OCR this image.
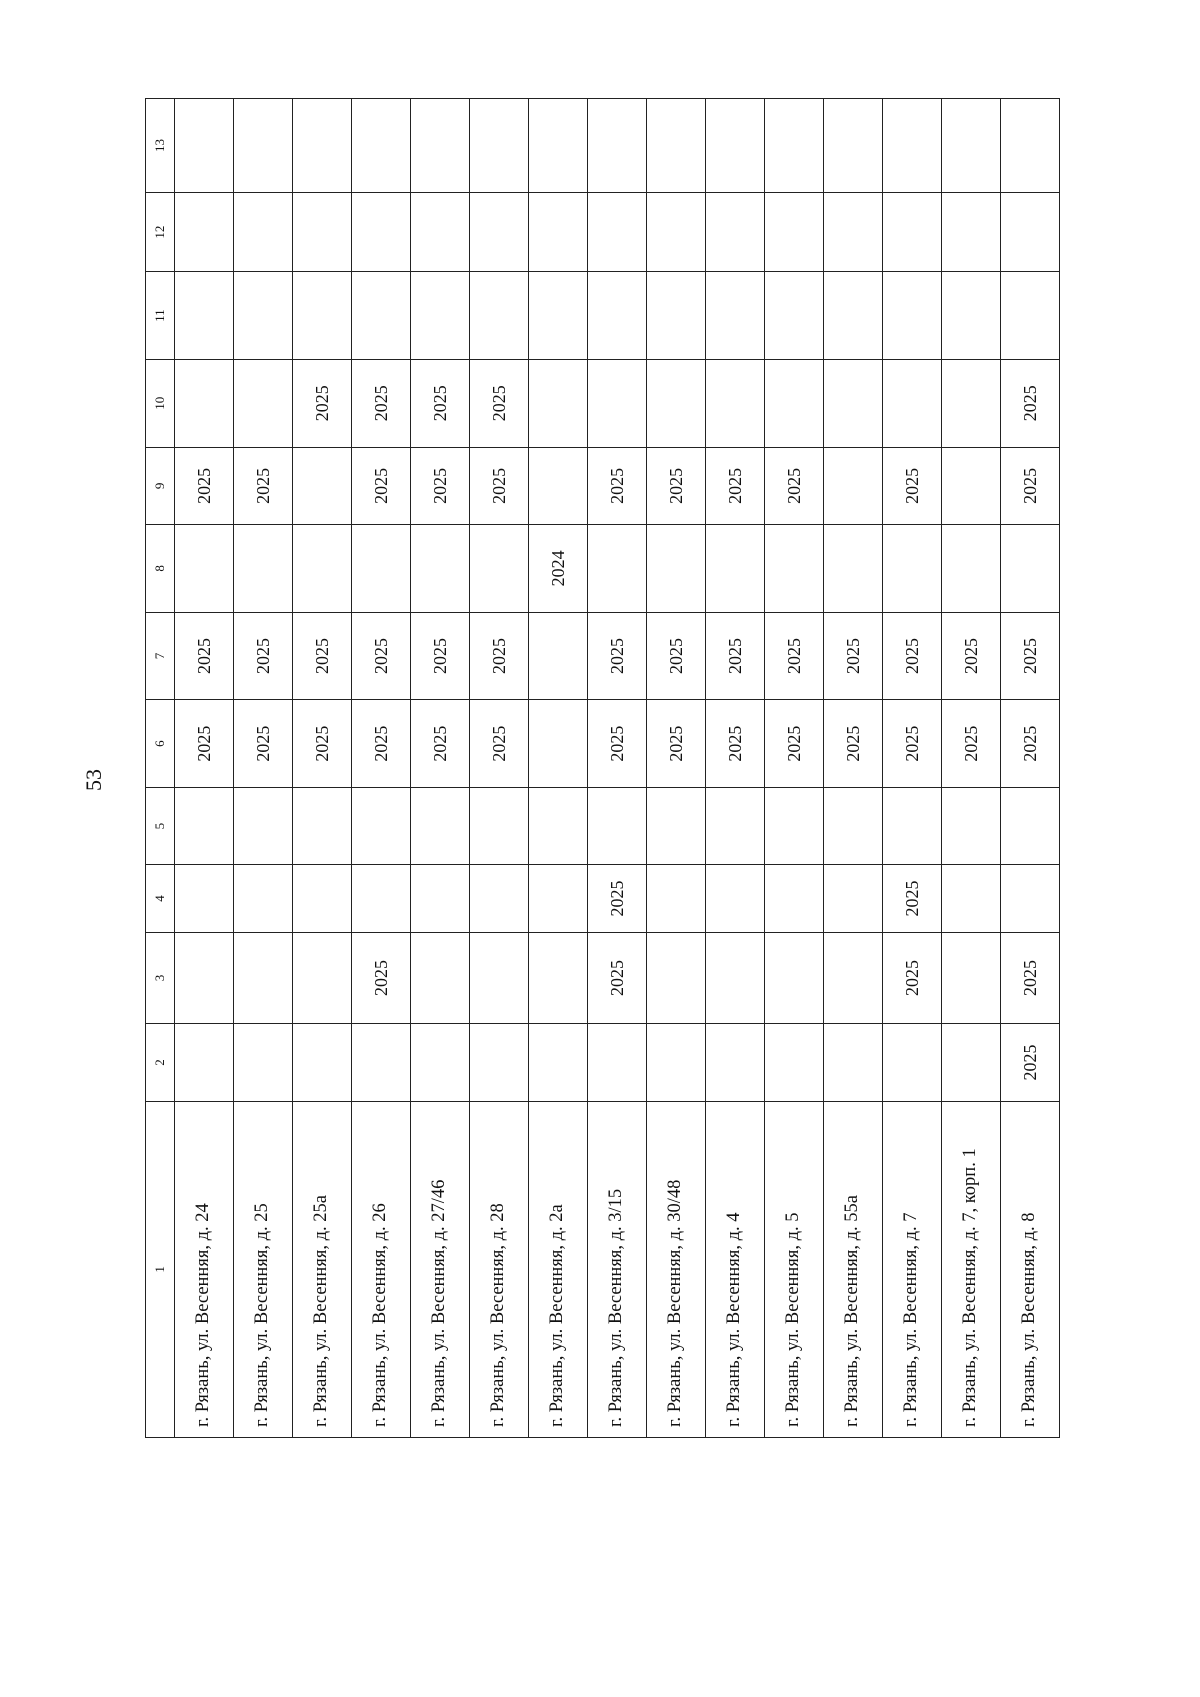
53
1	2	3	4	5	6	7	8	9	10	11	12	13
г. Рязань, ул. Весенняя, д. 24					2025	2025		2025				
г. Рязань, ул. Весенняя, д. 25					2025	2025		2025				
г. Рязань, ул. Весенняя, д. 25а					2025	2025			2025			
г. Рязань, ул. Весенняя, д. 26		2025			2025	2025		2025	2025			
г. Рязань, ул. Весенняя, д. 27/46					2025	2025		2025	2025			
г. Рязань, ул. Весенняя, д. 28					2025	2025		2025	2025			
г. Рязань, ул. Весенняя, д. 2а							2024					
г. Рязань, ул. Весенняя, д. 3/15		2025	2025		2025	2025		2025				
г. Рязань, ул. Весенняя, д. 30/48					2025	2025		2025				
г. Рязань, ул. Весенняя, д. 4					2025	2025		2025				
г. Рязань, ул. Весенняя, д. 5					2025	2025		2025				
г. Рязань, ул. Весенняя, д. 55а					2025	2025						
г. Рязань, ул. Весенняя, д. 7		2025	2025		2025	2025		2025				
г. Рязань, ул. Весенняя, д. 7, корп. 1					2025	2025						
г. Рязань, ул. Весенняя, д. 8	2025	2025			2025	2025		2025	2025			
